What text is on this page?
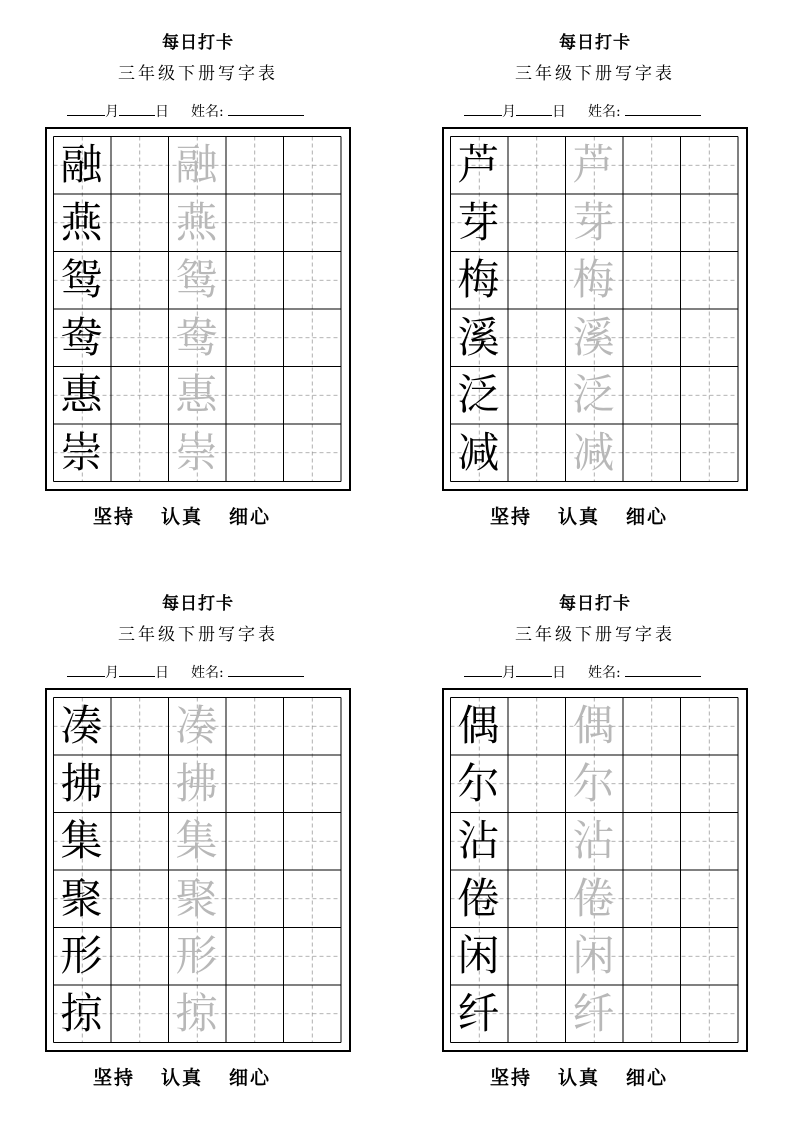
每日打卡
三年级下册写字表
月	日 姓名:
融 融
燕 燕
鸳 鸳
鸯 鸯
惠 惠
崇 崇
坚持 认真 细心
每日打卡
三年级下册写字表
月	日 姓名:
芦 芦
芽 芽
梅 梅
溪 溪
泛 泛
减 减
坚持 认真 细心
每日打卡
三年级下册写字表
月	日 姓名:
凑 凑
拂 拂
集 集
聚 聚
形 形
掠 掠
坚持 认真 细心
每日打卡
三年级下册写字表
月	日 姓名:
偶 偶
尔 尔
沾 沾
倦 倦
闲 闲
纤 纤
坚持 认真 细心
